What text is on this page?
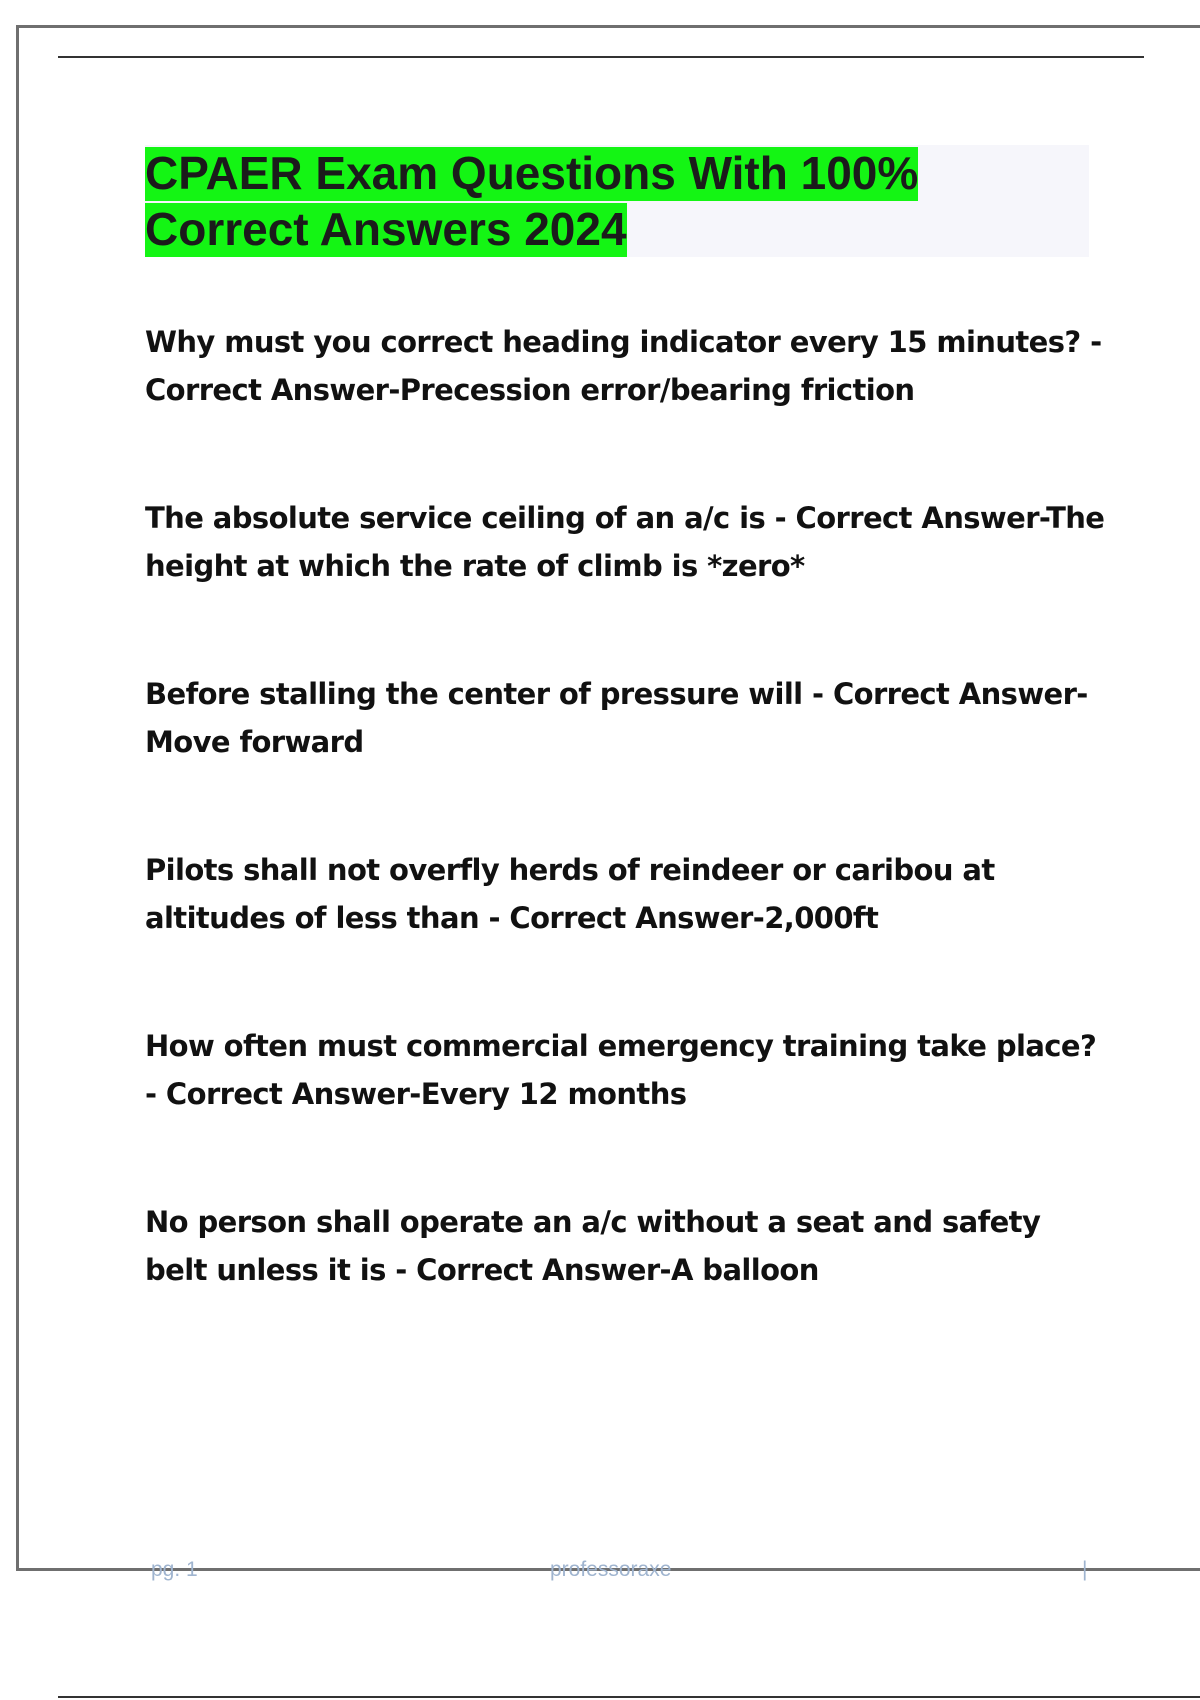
CPAER Exam Questions With 100% Correct Answers 2024

Why must you correct heading indicator every 15 minutes? - Correct Answer-Precession error/bearing friction

The absolute service ceiling of an a/c is - Correct Answer-The height at which the rate of climb is *zero*

Before stalling the center of pressure will - Correct Answer-Move forward

Pilots shall not overfly herds of reindeer or caribou at altitudes of less than - Correct Answer-2,000ft

How often must commercial emergency training take place? - Correct Answer-Every 12 months

No person shall operate an a/c without a seat and safety belt unless it is - Correct Answer-A balloon

pg. 1	professoraxe	|
